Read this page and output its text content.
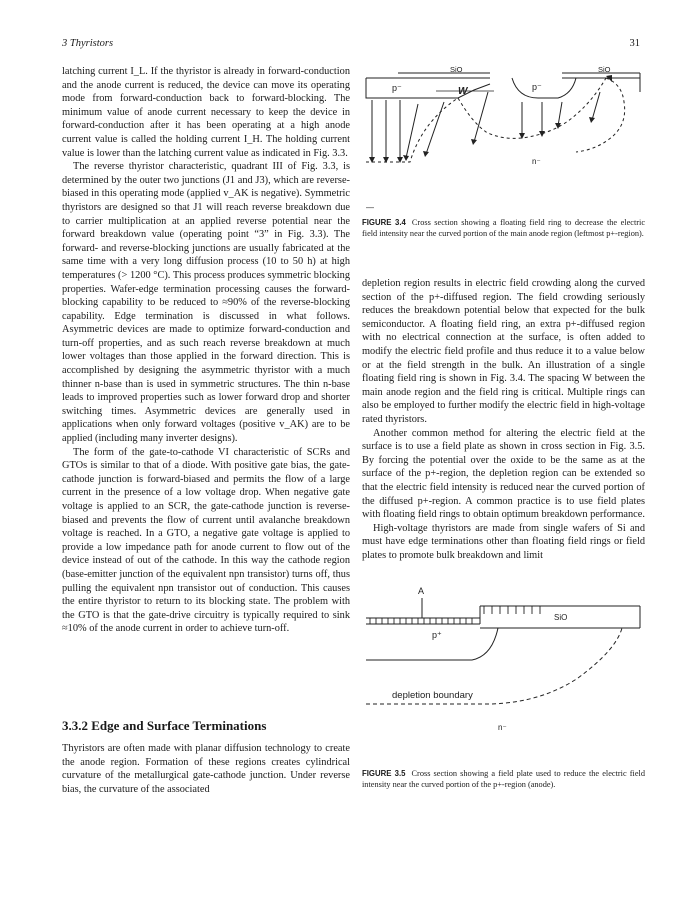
3 Thyristors	31

latching current I_L. If the thyristor is already in forward-conduction and the anode current is reduced, the device can move its operating mode from forward-conduction back to forward-blocking. The minimum value of anode current necessary to keep the device in forward-conduction after it has been operating at a high anode current value is called the holding current I_H. The holding current value is lower than the latching current value as indicated in Fig. 3.3.

The reverse thyristor characteristic, quadrant III of Fig. 3.3, is determined by the outer two junctions (J1 and J3), which are reverse-biased in this operating mode (applied v_AK is negative). Symmetric thyristors are designed so that J1 will reach reverse breakdown due to carrier multiplication at an applied reverse potential near the forward breakdown value (operating point “3” in Fig. 3.3). The forward- and reverse-blocking junctions are usually fabricated at the same time with a very long diffusion process (10 to 50 h) at high temperatures (> 1200 °C). This process produces symmetric blocking properties. Wafer-edge termination processing causes the forward-blocking capability to be reduced to ≈90% of the reverse-blocking capability. Edge termination is discussed in what follows. Asymmetric devices are made to optimize forward-conduction and turn-off properties, and as such reach reverse breakdown at much lower voltages than those applied in the forward direction. This is accomplished by designing the asymmetric thyristor with a much thinner n-base than is used in symmetric structures. The thin n-base leads to improved properties such as lower forward drop and shorter switching times. Asymmetric devices are generally used in applications when only forward voltages (positive v_AK) are to be applied (including many inverter designs).

The form of the gate-to-cathode VI characteristic of SCRs and GTOs is similar to that of a diode. With positive gate bias, the gate-cathode junction is forward-biased and permits the flow of a large current in the presence of a low voltage drop. When negative gate voltage is applied to an SCR, the gate-cathode junction is reverse-biased and prevents the flow of current until avalanche breakdown voltage is reached. In a GTO, a negative gate voltage is applied to provide a low impedance path for anode current to flow out of the device instead of out of the cathode. In this way the cathode region (base-emitter junction of the equivalent npn transistor) turns off, thus pulling the equivalent npn transistor out of conduction. This causes the entire thyristor to return to its blocking state. The problem with the GTO is that the gate-drive circuitry is typically required to sink ≈10% of the anode current in order to achieve turn-off.

3.3.2 Edge and Surface Terminations

Thyristors are often made with planar diffusion technology to create the anode region. Formation of these regions creates cylindrical curvature of the metallurgical gate-cathode junction. Under reverse bias, the curvature of the associated

SiO	SiO
p⁻	W	p⁻
n⁻
—
FIGURE 3.4 Cross section showing a floating field ring to decrease the electric field intensity near the curved portion of the main anode region (leftmost p+-region).

depletion region results in electric field crowding along the curved section of the p+-diffused region. The field crowding seriously reduces the breakdown potential below that expected for the bulk semiconductor. A floating field ring, an extra p+-diffused region with no electrical connection at the surface, is often added to modify the electric field profile and thus reduce it to a value below or at the field strength in the bulk. An illustration of a single floating field ring is shown in Fig. 3.4. The spacing W between the main anode region and the field ring is critical. Multiple rings can also be employed to further modify the electric field in high-voltage rated thyristors.

Another common method for altering the electric field at the surface is to use a field plate as shown in cross section in Fig. 3.5. By forcing the potential over the oxide to be the same as at the surface of the p+-region, the depletion region can be extended so that the electric field intensity is reduced near the curved portion of the diffused p+-region. A common practice is to use field plates with floating field rings to obtain optimum breakdown performance.

High-voltage thyristors are made from single wafers of Si and must have edge terminations other than floating field rings or field plates to promote bulk breakdown and limit

A
SiO
p⁺
depletion boundary
n⁻
FIGURE 3.5 Cross section showing a field plate used to reduce the electric field intensity near the curved portion of the p+-region (anode).
